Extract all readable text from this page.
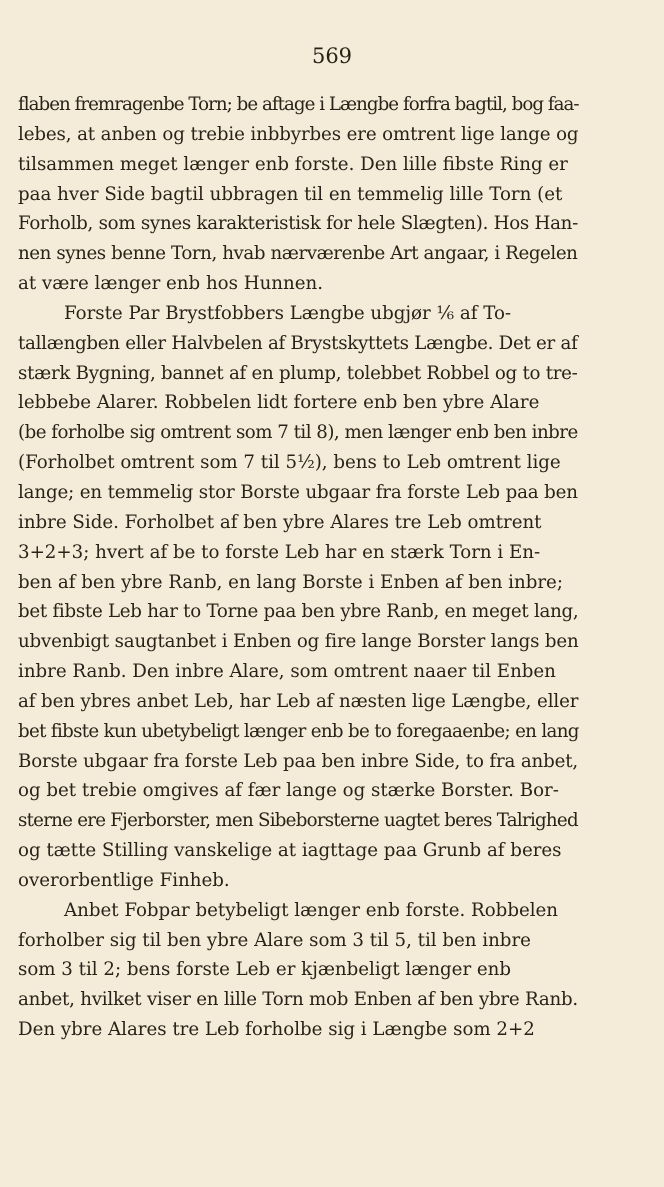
569
flaben fremragenbe Torn; be aftage i Længbe forfra bagtil, bog faa-
lebes, at anben og trebie inbbyrbes ere omtrent lige lange og
tilsammen meget længer enb forste. Den lille fibste Ring er
paa hver Side bagtil ubbragen til en temmelig lille Torn (et
Forholb, som synes karakteristisk for hele Slægten). Hos Han-
nen synes benne Torn, hvab nærværenbe Art angaar, i Regelen
at være længer enb hos Hunnen.
Forste Par Brystfobbers Længbe ubgjør ⅙ af To-
tallængben eller Halvbelen af Brystskyttets Længbe. Det er af
stærk Bygning, bannet af en plump, tolebbet Robbel og to tre-
lebbebe Alarer. Robbelen lidt fortere enb ben ybre Alare
(be forholbe sig omtrent som 7 til 8), men længer enb ben inbre
(Forholbet omtrent som 7 til 5½), bens to Leb omtrent lige
lange; en temmelig stor Borste ubgaar fra forste Leb paa ben
inbre Side. Forholbet af ben ybre Alares tre Leb omtrent
3+2+3; hvert af be to forste Leb har en stærk Torn i En-
ben af ben ybre Ranb, en lang Borste i Enben af ben inbre;
bet fibste Leb har to Torne paa ben ybre Ranb, en meget lang,
ubvenbigt saugtanbet i Enben og fire lange Borster langs ben
inbre Ranb. Den inbre Alare, som omtrent naaer til Enben
af ben ybres anbet Leb, har Leb af næsten lige Længbe, eller
bet fibste kun ubetybeligt længer enb be to foregaaenbe; en lang
Borste ubgaar fra forste Leb paa ben inbre Side, to fra anbet,
og bet trebie omgives af fær lange og stærke Borster. Bor-
sterne ere Fjerborster, men Sibeborsterne uagtet beres Talrighed
og tætte Stilling vanskelige at iagttage paa Grunb af beres
overorbentlige Finheb.
Anbet Fobpar betybeligt længer enb forste. Robbelen
forholber sig til ben ybre Alare som 3 til 5, til ben inbre
som 3 til 2; bens forste Leb er kjænbeligt længer enb
anbet, hvilket viser en lille Torn mob Enben af ben ybre Ranb.
Den ybre Alares tre Leb forholbe sig i Længbe som 2+2
